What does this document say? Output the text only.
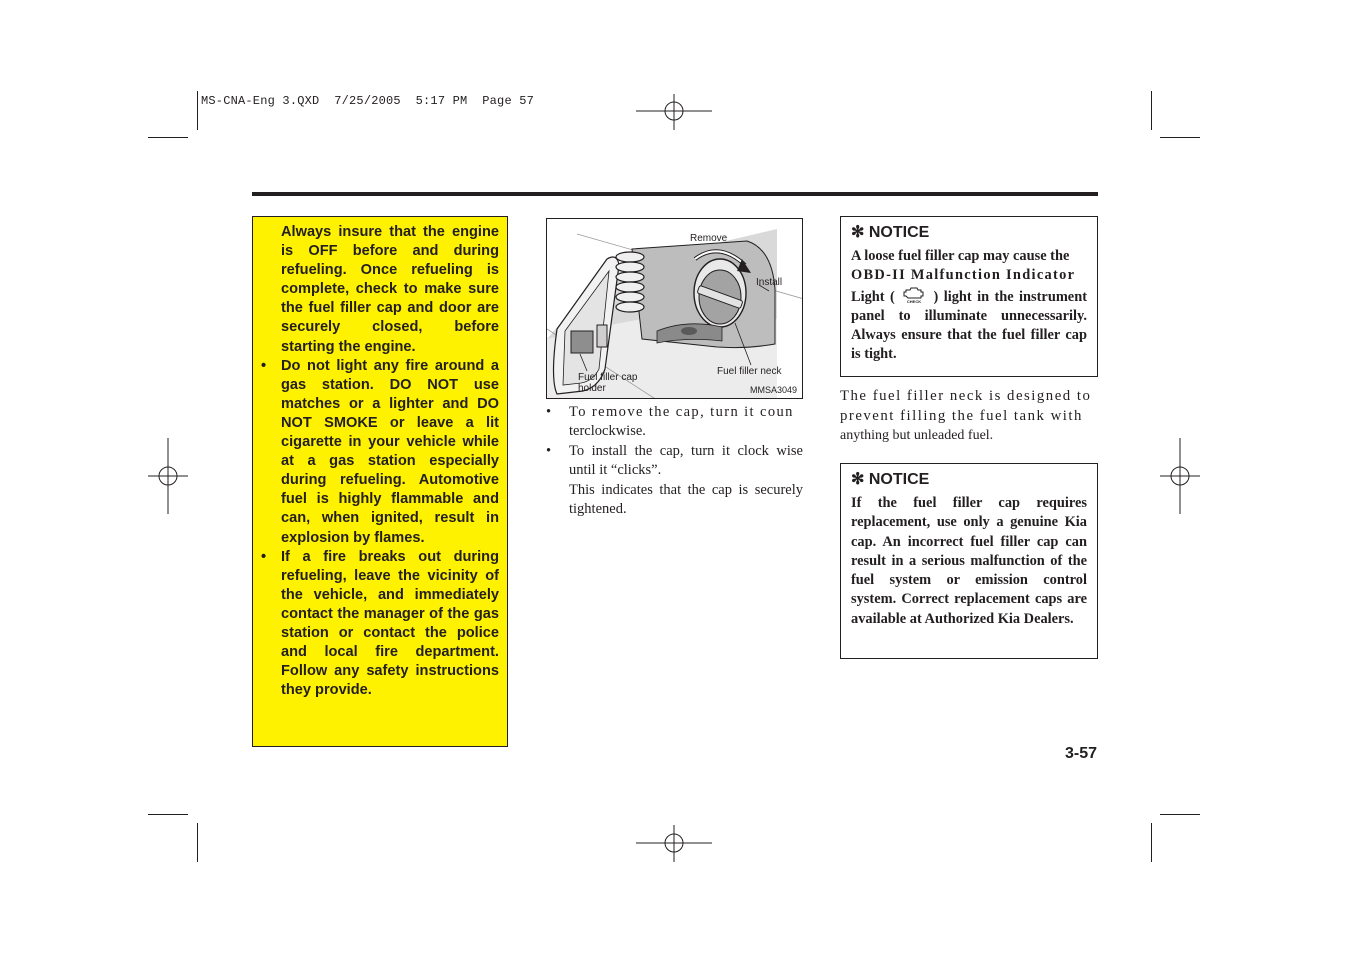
MS-CNA-Eng 3.QXD  7/25/2005  5:17 PM  Page 57

Always insure that the engine is OFF before and during refueling. Once refueling is complete, check to make sure the fuel filler cap and door are securely closed, before starting the engine.

• Do not light any fire around a gas station. DO NOT use matches or a lighter and DO NOT SMOKE or leave a lit cigarette in your vehicle while at a gas station especially during refueling. Automotive fuel is highly flammable and can, when ignited, result in explosion by flames.

• If a fire breaks out during refueling, leave the vicinity of the vehicle, and immediately contact the manager of the gas station or contact the police and local fire department. Follow any safety instructions they provide.

Remove
Install
Fuel filler cap
holder
Fuel filler neck
MMSA3049
• To remove the cap, turn it coun
terclockwise.
• To install the cap, turn it clock wise until it “clicks”.
This indicates that the cap is securely tightened.
✻ NOTICE

A loose fuel filler cap may cause the

OBD-II Malfunction Indicator

Light (	CHECK ) light in the instrument panel to illuminate unnecessarily. Always ensure that the fuel filler cap is tight.

The fuel filler neck is designed to
prevent filling the fuel tank with
anything but unleaded fuel.
✻ NOTICE

If the fuel filler cap requires replacement, use only a genuine Kia cap. An incorrect fuel filler cap can result in a serious malfunction of the fuel system or emission control system. Correct replacement caps are available at Authorized Kia Dealers.

3-57
